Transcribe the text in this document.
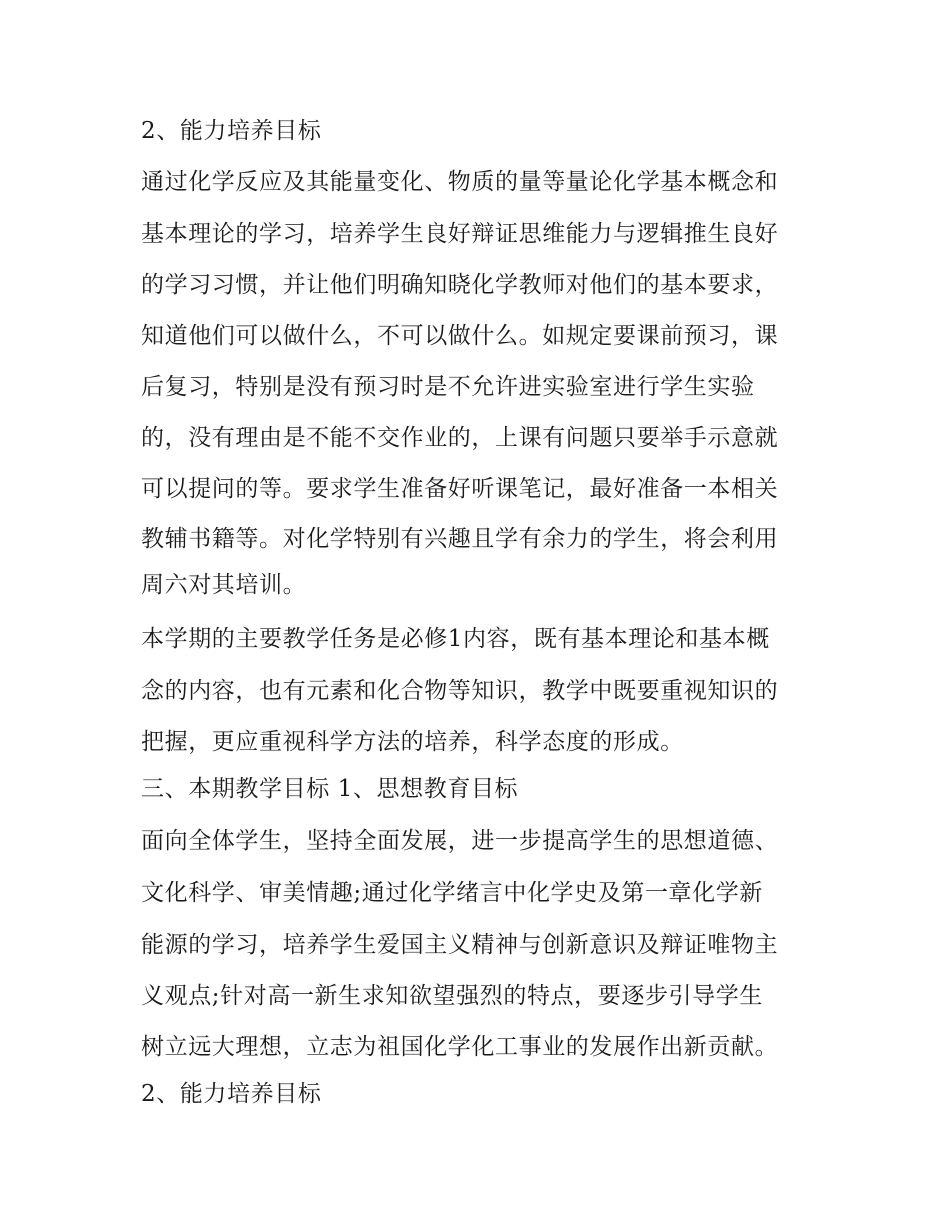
2、能力培养目标
通过化学反应及其能量变化、物质的量等量论化学基本概念和
基本理论的学习，培养学生良好辩证思维能力与逻辑推生良好
的学习习惯，并让他们明确知晓化学教师对他们的基本要求，
知道他们可以做什么，不可以做什么。如规定要课前预习，课
后复习，特别是没有预习时是不允许进实验室进行学生实验
的，没有理由是不能不交作业的，上课有问题只要举手示意就
可以提问的等。要求学生准备好听课笔记，最好准备一本相关
教辅书籍等。对化学特别有兴趣且学有余力的学生，将会利用
周六对其培训。
本学期的主要教学任务是必修1内容，既有基本理论和基本概
念的内容，也有元素和化合物等知识，教学中既要重视知识的
把握，更应重视科学方法的培养，科学态度的形成。
三、本期教学目标 1、思想教育目标
面向全体学生，坚持全面发展，进一步提高学生的思想道德、
文化科学、审美情趣;通过化学绪言中化学史及第一章化学新
能源的学习，培养学生爱国主义精神与创新意识及辩证唯物主
义观点;针对高一新生求知欲望强烈的特点，要逐步引导学生
树立远大理想，立志为祖国化学化工事业的发展作出新贡献。
2、能力培养目标
